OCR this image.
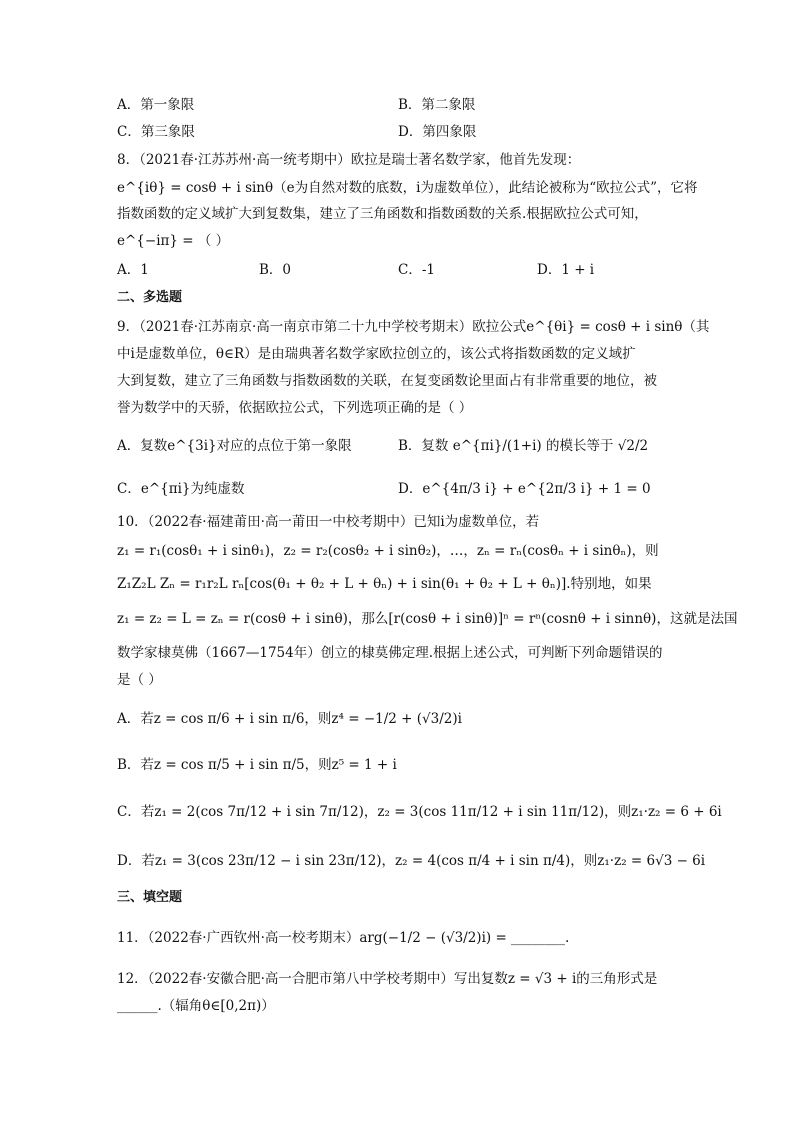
A．第一象限	B．第二象限
C．第三象限	D．第四象限
8．（2021春·江苏苏州·高一统考期中）欧拉是瑞士著名数学家，他首先发现：
e^{iθ} = cosθ + i sinθ（e为自然对数的底数，i为虚数单位），此结论被称为“欧拉公式”，它将
指数函数的定义域扩大到复数集，建立了三角函数和指数函数的关系.根据欧拉公式可知，
e^{−iπ} = （ ）
A．1	B．0	C．-1	D．1 + i
二、多选题
9．（2021春·江苏南京·高一南京市第二十九中学校考期末）欧拉公式e^{θi} = cosθ + i sinθ（其
中i是虚数单位，θ∈R）是由瑞典著名数学家欧拉创立的，该公式将指数函数的定义域扩
大到复数，建立了三角函数与指数函数的关联，在复变函数论里面占有非常重要的地位，被
誉为数学中的天骄，依据欧拉公式，下列选项正确的是（ ）
A．复数e^{3i}对应的点位于第一象限	B．复数 e^{πi}/(1+i) 的模长等于 √2/2
C．e^{πi}为纯虚数	D．e^{4π/3 i} + e^{2π/3 i} + 1 = 0
10．（2022春·福建莆田·高一莆田一中校考期中）已知i为虚数单位，若
z₁ = r₁(cosθ₁ + i sinθ₁)，z₂ = r₂(cosθ₂ + i sinθ₂)，…，zₙ = rₙ(cosθₙ + i sinθₙ)，则
Z₁Z₂L Zₙ = r₁r₂L rₙ[cos(θ₁ + θ₂ + L + θₙ) + i sin(θ₁ + θ₂ + L + θₙ)].特别地，如果
z₁ = z₂ = L = zₙ = r(cosθ + i sinθ)，那么[r(cosθ + i sinθ)]ⁿ = rⁿ(cosnθ + i sinnθ)，这就是法国
数学家棣莫佛（1667—1754年）创立的棣莫佛定理.根据上述公式，可判断下列命题错误的
是（ ）
A．若z = cos π/6 + i sin π/6，则z⁴ = −1/2 + (√3/2)i
B．若z = cos π/5 + i sin π/5，则z⁵ = 1 + i
C．若z₁ = 2(cos 7π/12 + i sin 7π/12)，z₂ = 3(cos 11π/12 + i sin 11π/12)，则z₁·z₂ = 6 + 6i
D．若z₁ = 3(cos 23π/12 − i sin 23π/12)，z₂ = 4(cos π/4 + i sin π/4)，则z₁·z₂ = 6√3 − 6i
三、填空题
11．（2022春·广西钦州·高一校考期末）arg(−1/2 − (√3/2)i) = ________.
12．（2022春·安徽合肥·高一合肥市第八中学校考期中）写出复数z = √3 + i的三角形式是
______.（辐角θ∈[0,2π)）
